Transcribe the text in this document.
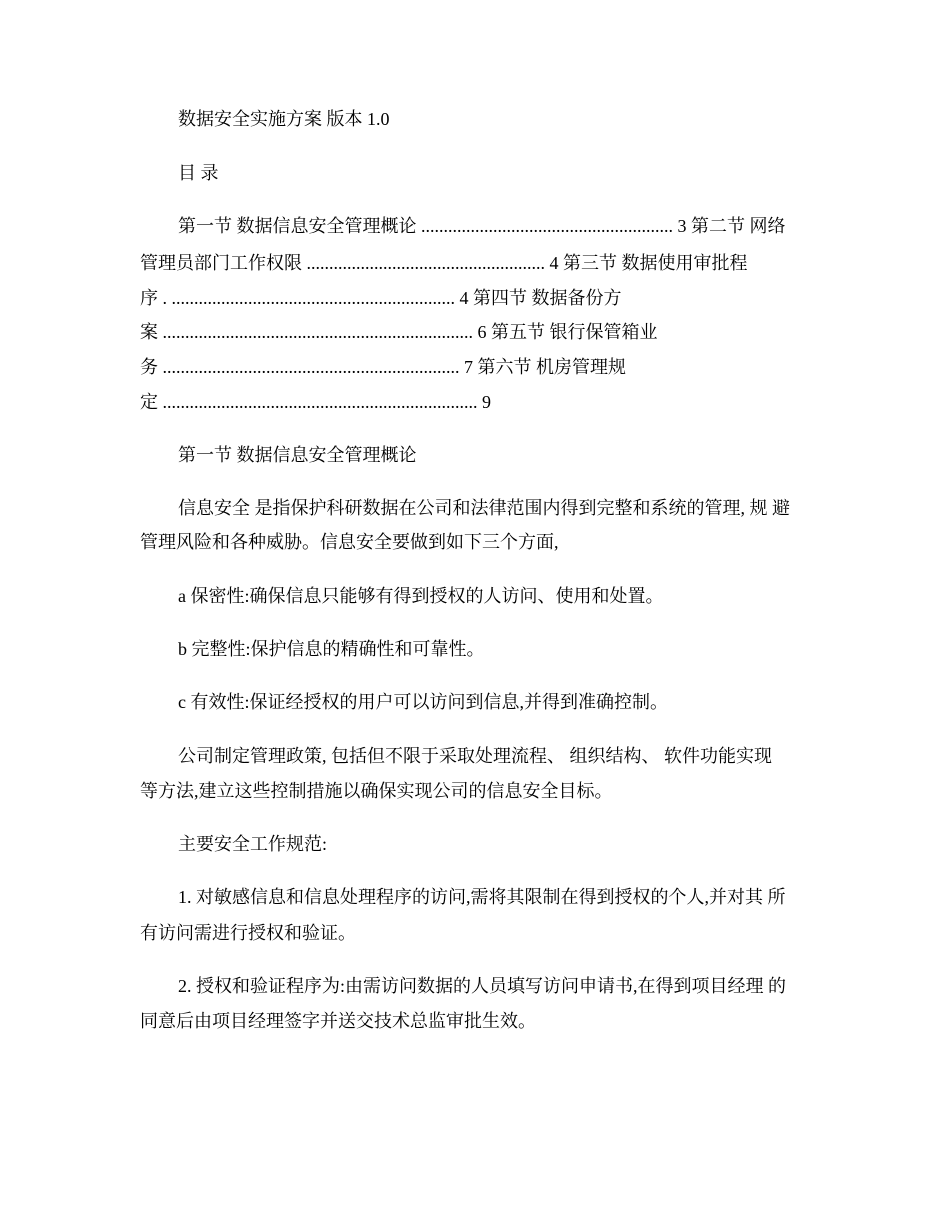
数据安全实施方案 版本 1.0
目 录
第一节 数据信息安全管理概论 ........................................................ 3 第二节 网络
管理员部门工作权限 ..................................................... 4 第三节 数据使用审批程
序 . ............................................................... 4 第四节 数据备份方
案 ..................................................................... 6 第五节 银行保管箱业
务 .................................................................. 7 第六节 机房管理规
定 ...................................................................... 9
第一节 数据信息安全管理概论
信息安全 是指保护科研数据在公司和法律范围内得到完整和系统的管理, 规 避
管理风险和各种威胁。信息安全要做到如下三个方面,
a 保密性:确保信息只能够有得到授权的人访问、使用和处置。
b 完整性:保护信息的精确性和可靠性。
c 有效性:保证经授权的用户可以访问到信息,并得到准确控制。
公司制定管理政策, 包括但不限于采取处理流程、 组织结构、 软件功能实现
等方法,建立这些控制措施以确保实现公司的信息安全目标。
主要安全工作规范:
1. 对敏感信息和信息处理程序的访问,需将其限制在得到授权的个人,并对其 所
有访问需进行授权和验证。
2. 授权和验证程序为:由需访问数据的人员填写访问申请书,在得到项目经理 的
同意后由项目经理签字并送交技术总监审批生效。
